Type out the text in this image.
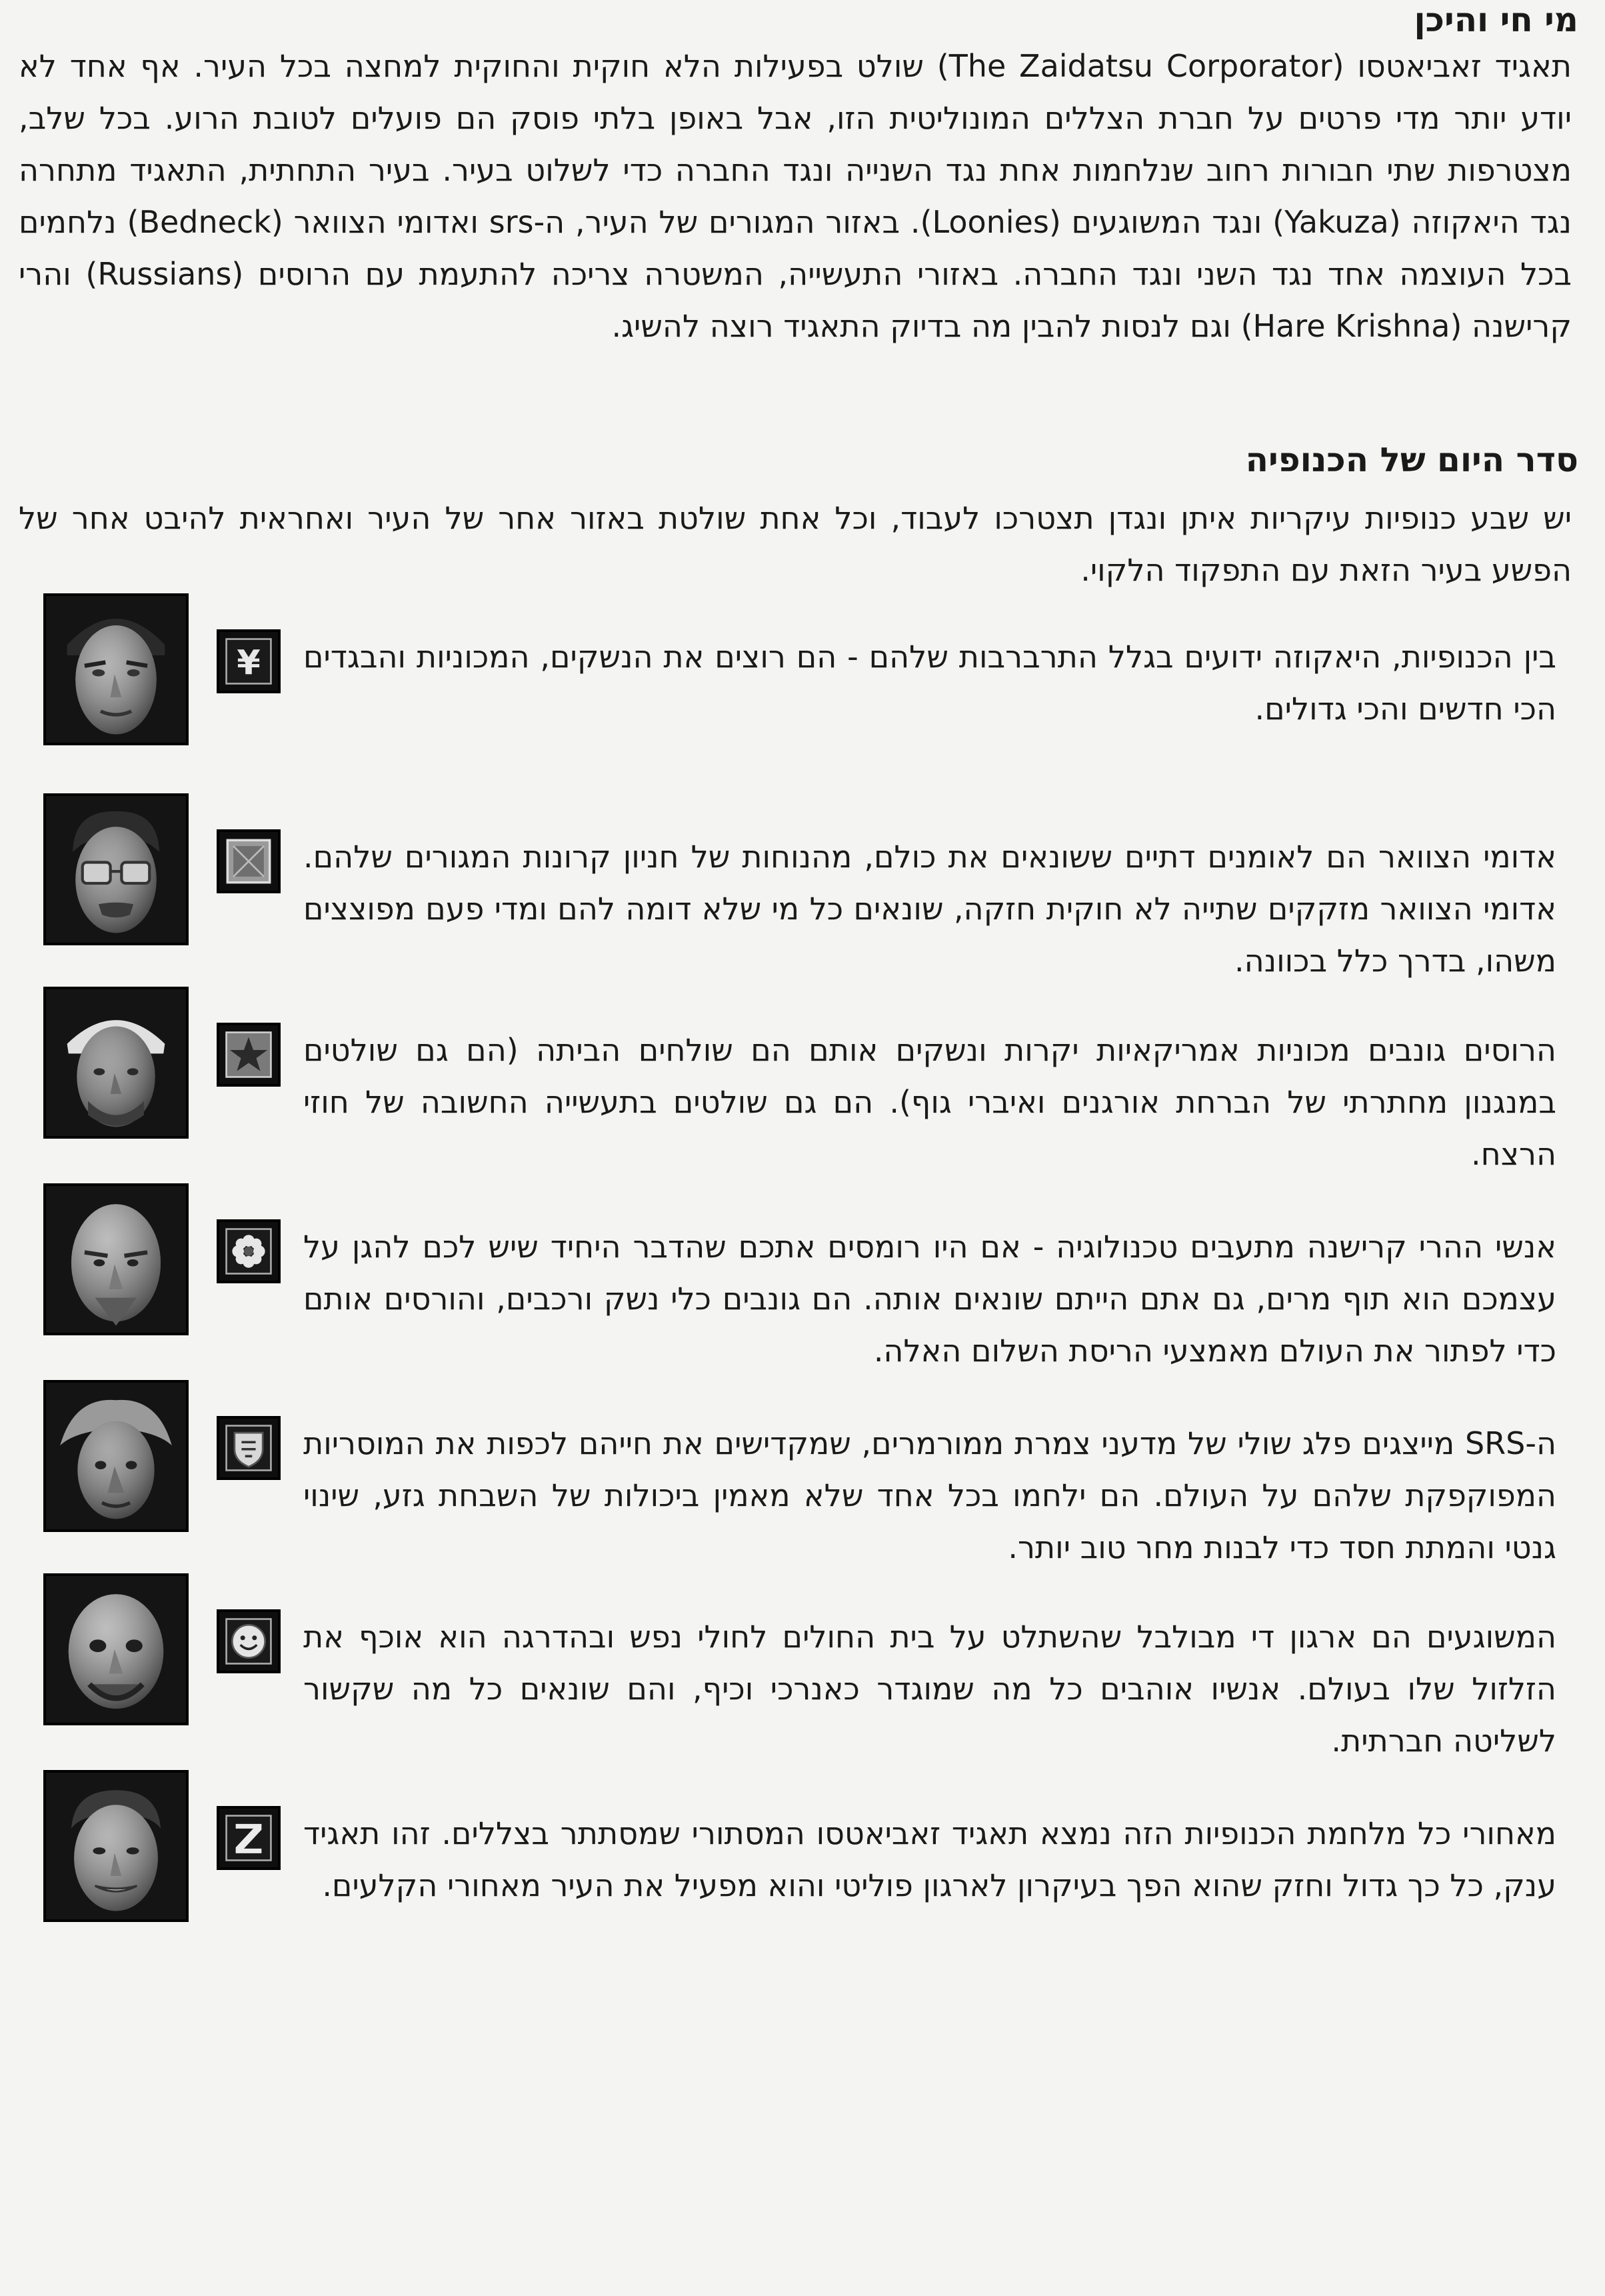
מי חי והיכן

תאגיד זאביאטסו (The Zaidatsu Corporator) שולט בפעילות הלא חוקית והחוקית למחצה בכל העיר. אף אחד לא יודע יותר מדי פרטים על חברת הצללים המונוליטית הזו, אבל באופן בלתי פוסק הם פועלים לטובת הרוע. בכל שלב, מצטרפות שתי חבורות רחוב שנלחמות אחת נגד השנייה ונגד החברה כדי לשלוט בעיר. בעיר התחתית, התאגיד מתחרה נגד היאקוזה (Yakuza) ונגד המשוגעים (Loonies). באזור המגורים של העיר, ה-srs ואדומי הצוואר (Bedneck) נלחמים בכל העוצמה אחד נגד השני ונגד החברה. באזורי התעשייה, המשטרה צריכה להתעמת עם הרוסים (Russians) והרי קרישנה (Hare Krishna) וגם לנסות להבין מה בדיוק התאגיד רוצה להשיג.

סדר היום של הכנופיה

יש שבע כנופיות עיקריות איתן ונגדן תצטרכו לעבוד, וכל אחת שולטת באזור אחר של העיר ואחראית להיבט אחר של הפשע בעיר הזאת עם התפקוד הלקוי.

¥ בין הכנופיות, היאקוזה ידועים בגלל התרברבות שלהם - הם רוצים את הנשקים, המכוניות והבגדים הכי חדשים והכי גדולים.

אדומי הצוואר הם לאומנים דתיים ששונאים את כולם, מהנוחות של חניון קרונות המגורים שלהם. אדומי הצוואר מזקקים שתייה לא חוקית חזקה, שונאים כל מי שלא דומה להם ומדי פעם מפוצצים משהו, בדרך כלל בכוונה.

הרוסים גונבים מכוניות אמריקאיות יקרות ונשקים אותם הם שולחים הביתה (הם גם שולטים במנגנון מחתרתי של הברחת אורגנים ואיברי גוף). הם גם שולטים בתעשייה החשובה של חוזי הרצח.

אנשי ההרי קרישנה מתעבים טכנולוגיה - אם היו רומסים אתכם שהדבר היחיד שיש לכם להגן על עצמכם הוא תוף מרים, גם אתם הייתם שונאים אותה. הם גונבים כלי נשק ורכבים, והורסים אותם כדי לפתור את העולם מאמצעי הריסת השלום האלה.

ה-SRS מייצגים פלג שולי של מדעני צמרת ממורמרים, שמקדישים את חייהם לכפות את המוסריות המפוקפקת שלהם על העולם. הם ילחמו בכל אחד שלא מאמין ביכולות של השבחת גזע, שינוי גנטי והמתת חסד כדי לבנות מחר טוב יותר.

המשוגעים הם ארגון די מבולבל שהשתלט על בית החולים לחולי נפש ובהדרגה הוא אוכף את הזלזול שלו בעולם. אנשיו אוהבים כל מה שמוגדר כאנרכי וכיף, והם שונאים כל מה שקשור לשליטה חברתית.

מאחורי כל מלחמת הכנופיות הזה נמצא תאגיד זאביאטסו המסתורי שמסתתר בצללים. זהו תאגיד ענק, כל כך גדול וחזק שהוא הפך בעיקרון לארגון פוליטי והוא מפעיל את העיר מאחורי הקלעים.
